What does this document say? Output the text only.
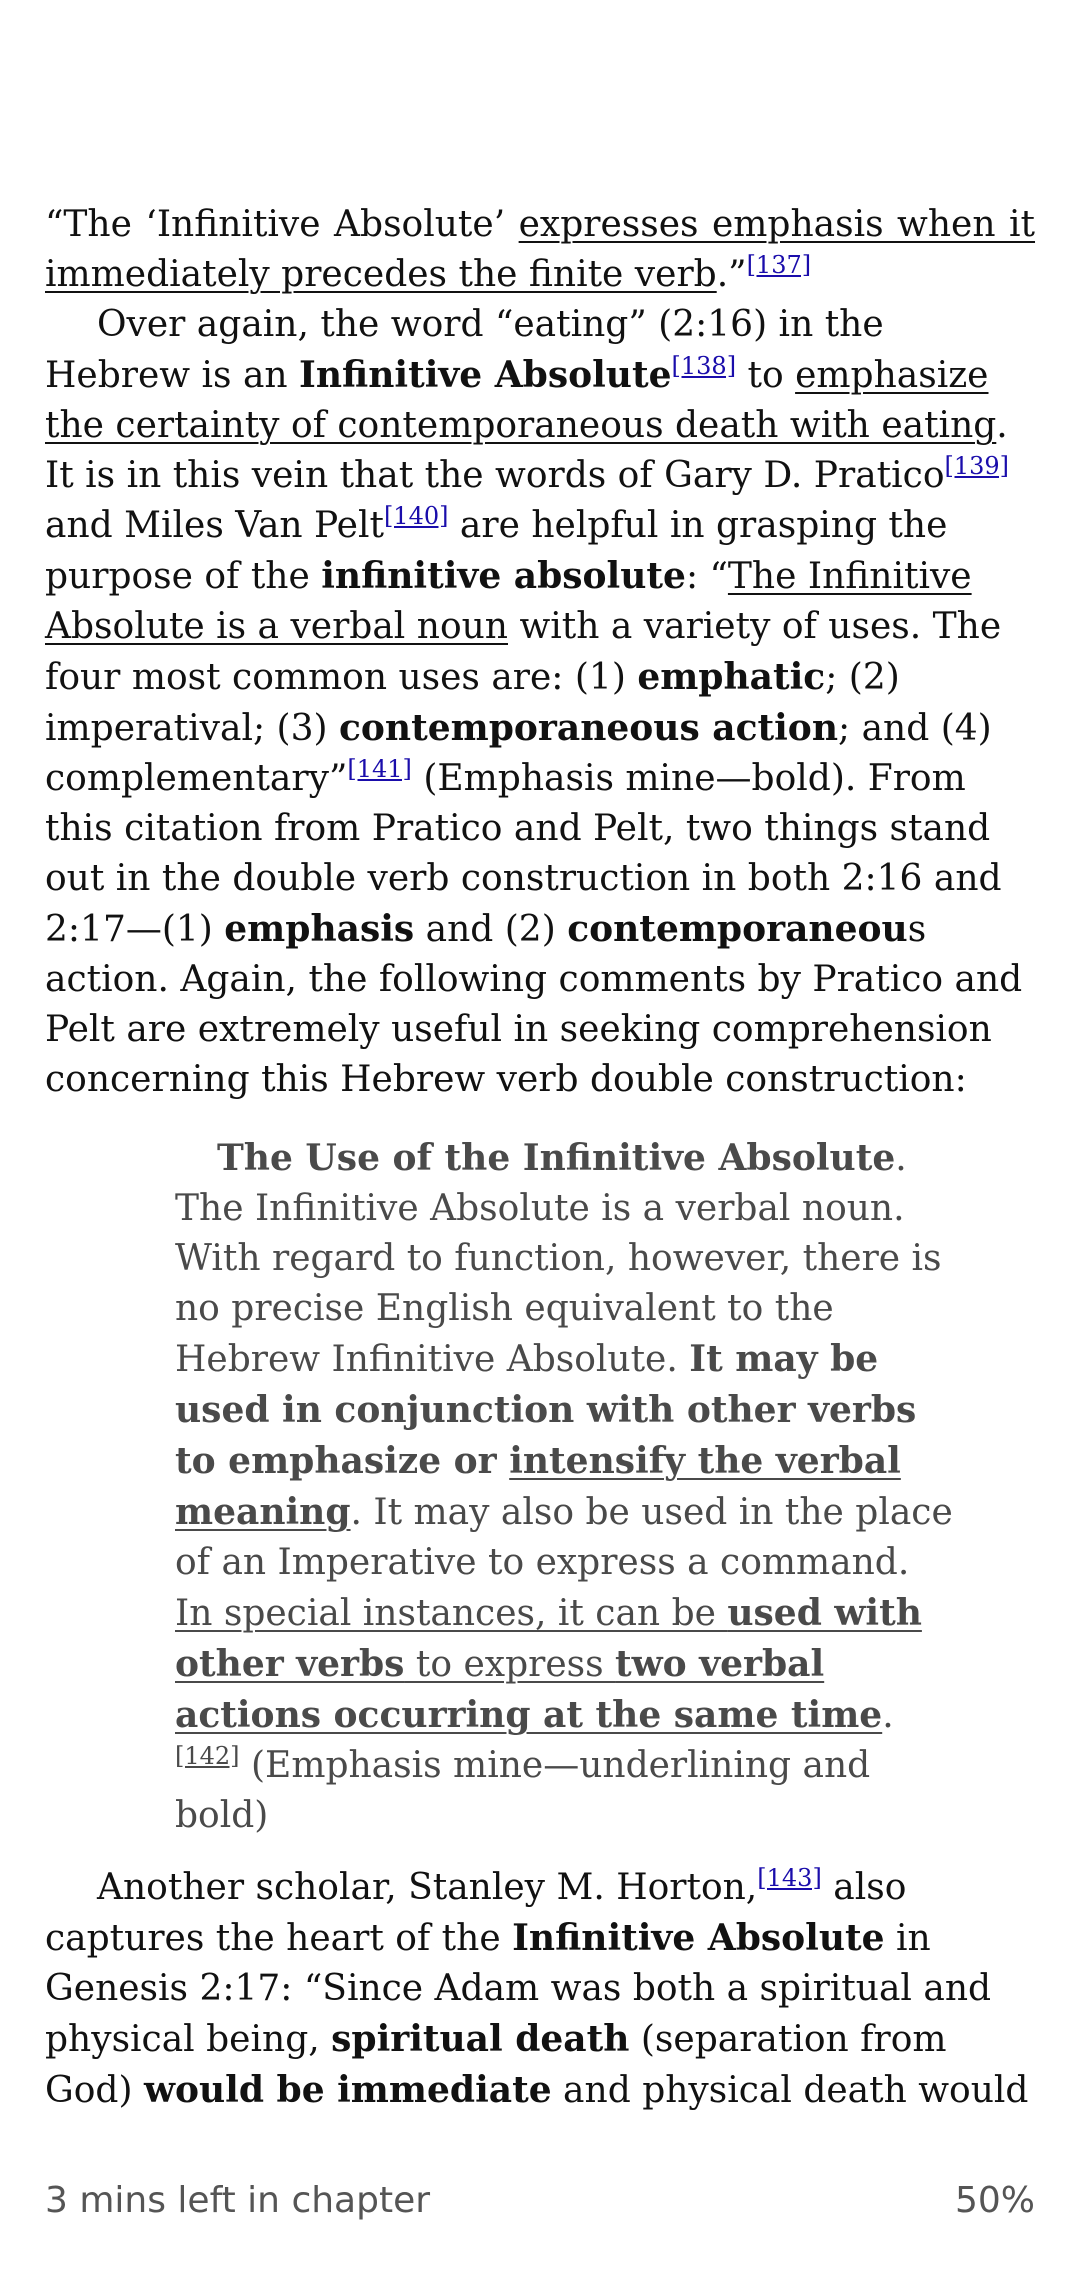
“The ‘Infinitive Absolute’ expresses emphasis when it immediately precedes the finite verb.”[137]

Over again, the word “eating” (2:16) in the Hebrew is an Infinitive Absolute[138] to emphasize the certainty of contemporaneous death with eating. It is in this vein that the words of Gary D. Pratico[139] and Miles Van Pelt[140] are helpful in grasping the purpose of the infinitive absolute: “The Infinitive Absolute is a verbal noun with a variety of uses. The four most common uses are: (1) emphatic; (2) imperatival; (3) contemporaneous action; and (4) complementary”[141] (Emphasis mine—bold). From this citation from Pratico and Pelt, two things stand out in the double verb construction in both 2:16 and 2:17—(1) emphasis and (2) contemporaneous action. Again, the following comments by Pratico and Pelt are extremely useful in seeking comprehension concerning this Hebrew verb double construction:

The Use of the Infinitive Absolute. The Infinitive Absolute is a verbal noun. With regard to function, however, there is no precise English equivalent to the Hebrew Infinitive Absolute. It may be used in conjunction with other verbs to emphasize or intensify the verbal meaning. It may also be used in the place of an Imperative to express a command. In special instances, it can be used with other verbs to express two verbal actions occurring at the same time.[142] (Emphasis mine—underlining and bold)

Another scholar, Stanley M. Horton,[143] also captures the heart of the Infinitive Absolute in Genesis 2:17: “Since Adam was both a spiritual and physical being, spiritual death (separation from God) would be immediate and physical death would

3 mins left in chapter	50%
